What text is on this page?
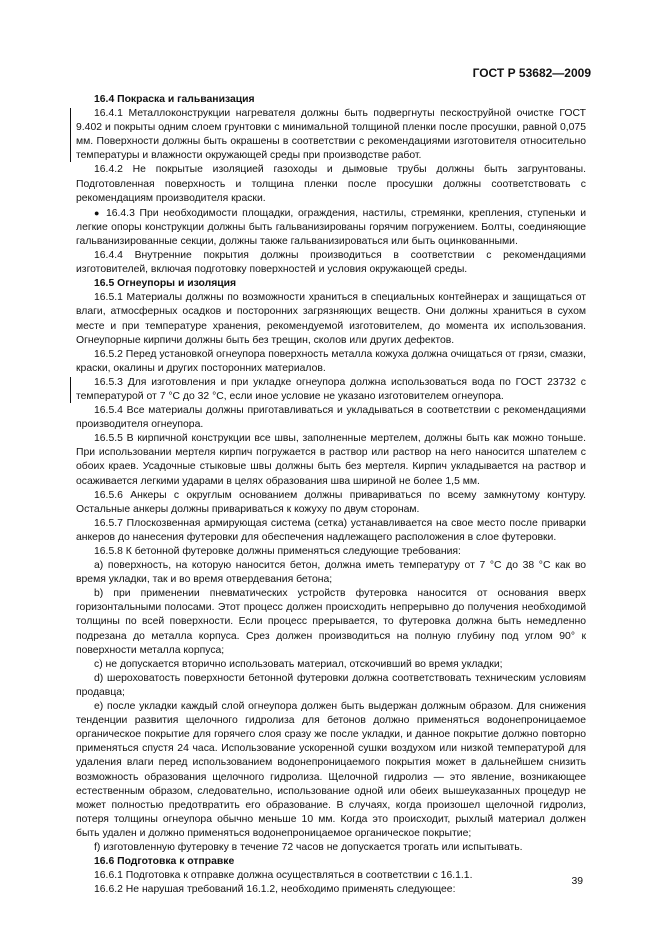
ГОСТ Р 53682—2009
16.4 Покраска и гальванизация

16.4.1 Металлоконструкции нагревателя должны быть подвергнуты пескоструйной очистке ГОСТ 9.402 и покрыты одним слоем грунтовки с минимальной толщиной пленки после просушки, равной 0,075 мм. Поверхности должны быть окрашены в соответствии с рекомендациями изготовителя относительно температуры и влажности окружающей среды при производстве работ.

16.4.2 Не покрытые изоляцией газоходы и дымовые трубы должны быть загрунтованы. Подготовленная поверхность и толщина пленки после просушки должны соответствовать с рекомендациям производителя краски.

● 16.4.3 При необходимости площадки, ограждения, настилы, стремянки, крепления, ступеньки и легкие опоры конструкции должны быть гальванизированы горячим погружением. Болты, соединяющие гальванизированные секции, должны также гальванизироваться или быть оцинкованными.

16.4.4 Внутренние покрытия должны производиться в соответствии с рекомендациями изготовителей, включая подготовку поверхностей и условия окружающей среды.

16.5 Огнеупоры и изоляция

16.5.1 Материалы должны по возможности храниться в специальных контейнерах и защищаться от влаги, атмосферных осадков и посторонних загрязняющих веществ. Они должны храниться в сухом месте и при температуре хранения, рекомендуемой изготовителем, до момента их использования. Огнеупорные кирпичи должны быть без трещин, сколов или других дефектов.

16.5.2 Перед установкой огнеупора поверхность металла кожуха должна очищаться от грязи, смазки, краски, окалины и других посторонних материалов.

16.5.3 Для изготовления и при укладке огнеупора должна использоваться вода по ГОСТ 23732 с температурой от 7 °С до 32 °С, если иное условие не указано изготовителем огнеупора.

16.5.4 Все материалы должны приготавливаться и укладываться в соответствии с рекомендациями производителя огнеупора.

16.5.5 В кирпичной конструкции все швы, заполненные мертелем, должны быть как можно тоньше. При использовании мертеля кирпич погружается в раствор или раствор на него наносится шпателем с обоих краев. Усадочные стыковые швы должны быть без мертеля. Кирпич укладывается на раствор и осаживается легкими ударами в целях образования шва шириной не более 1,5 мм.

16.5.6 Анкеры с округлым основанием должны привариваться по всему замкнутому контуру. Остальные анкеры должны привариваться к кожуху по двум сторонам.

16.5.7 Плоскозвенная армирующая система (сетка) устанавливается на свое место после приварки анкеров до нанесения футеровки для обеспечения надлежащего расположения в слое футеровки.

16.5.8 К бетонной футеровке должны применяться следующие требования:

а) поверхность, на которую наносится бетон, должна иметь температуру от 7 °С до 38 °С как во время укладки, так и во время отвердевания бетона;

b) при применении пневматических устройств футеровка наносится от основания вверх горизонтальными полосами. Этот процесс должен происходить непрерывно до получения необходимой толщины по всей поверхности. Если процесс прерывается, то футеровка должна быть немедленно подрезана до металла корпуса. Срез должен производиться на полную глубину под углом 90° к поверхности металла корпуса;

c) не допускается вторично использовать материал, отскочивший во время укладки;

d) шероховатость поверхности бетонной футеровки должна соответствовать техническим условиям продавца;

e) после укладки каждый слой огнеупора должен быть выдержан должным образом. Для снижения тенденции развития щелочного гидролиза для бетонов должно применяться водонепроницаемое органическое покрытие для горячего слоя сразу же после укладки, и данное покрытие должно повторно применяться спустя 24 часа. Использование ускоренной сушки воздухом или низкой температурой для удаления влаги перед использованием водонепроницаемого покрытия может в дальнейшем снизить возможность образования щелочного гидролиза. Щелочной гидролиз — это явление, возникающее естественным образом, следовательно, использование одной или обеих вышеуказанных процедур не может полностью предотвратить его образование. В случаях, когда произошел щелочной гидролиз, потеря толщины огнеупора обычно меньше 10 мм. Когда это происходит, рыхлый материал должен быть удален и должно применяться водонепроницаемое органическое покрытие;

f) изготовленную футеровку в течение 72 часов не допускается трогать или испытывать.

16.6 Подготовка к отправке

16.6.1 Подготовка к отправке должна осуществляться в соответствии с 16.1.1.

16.6.2 Не нарушая требований 16.1.2, необходимо применять следующее:

39
